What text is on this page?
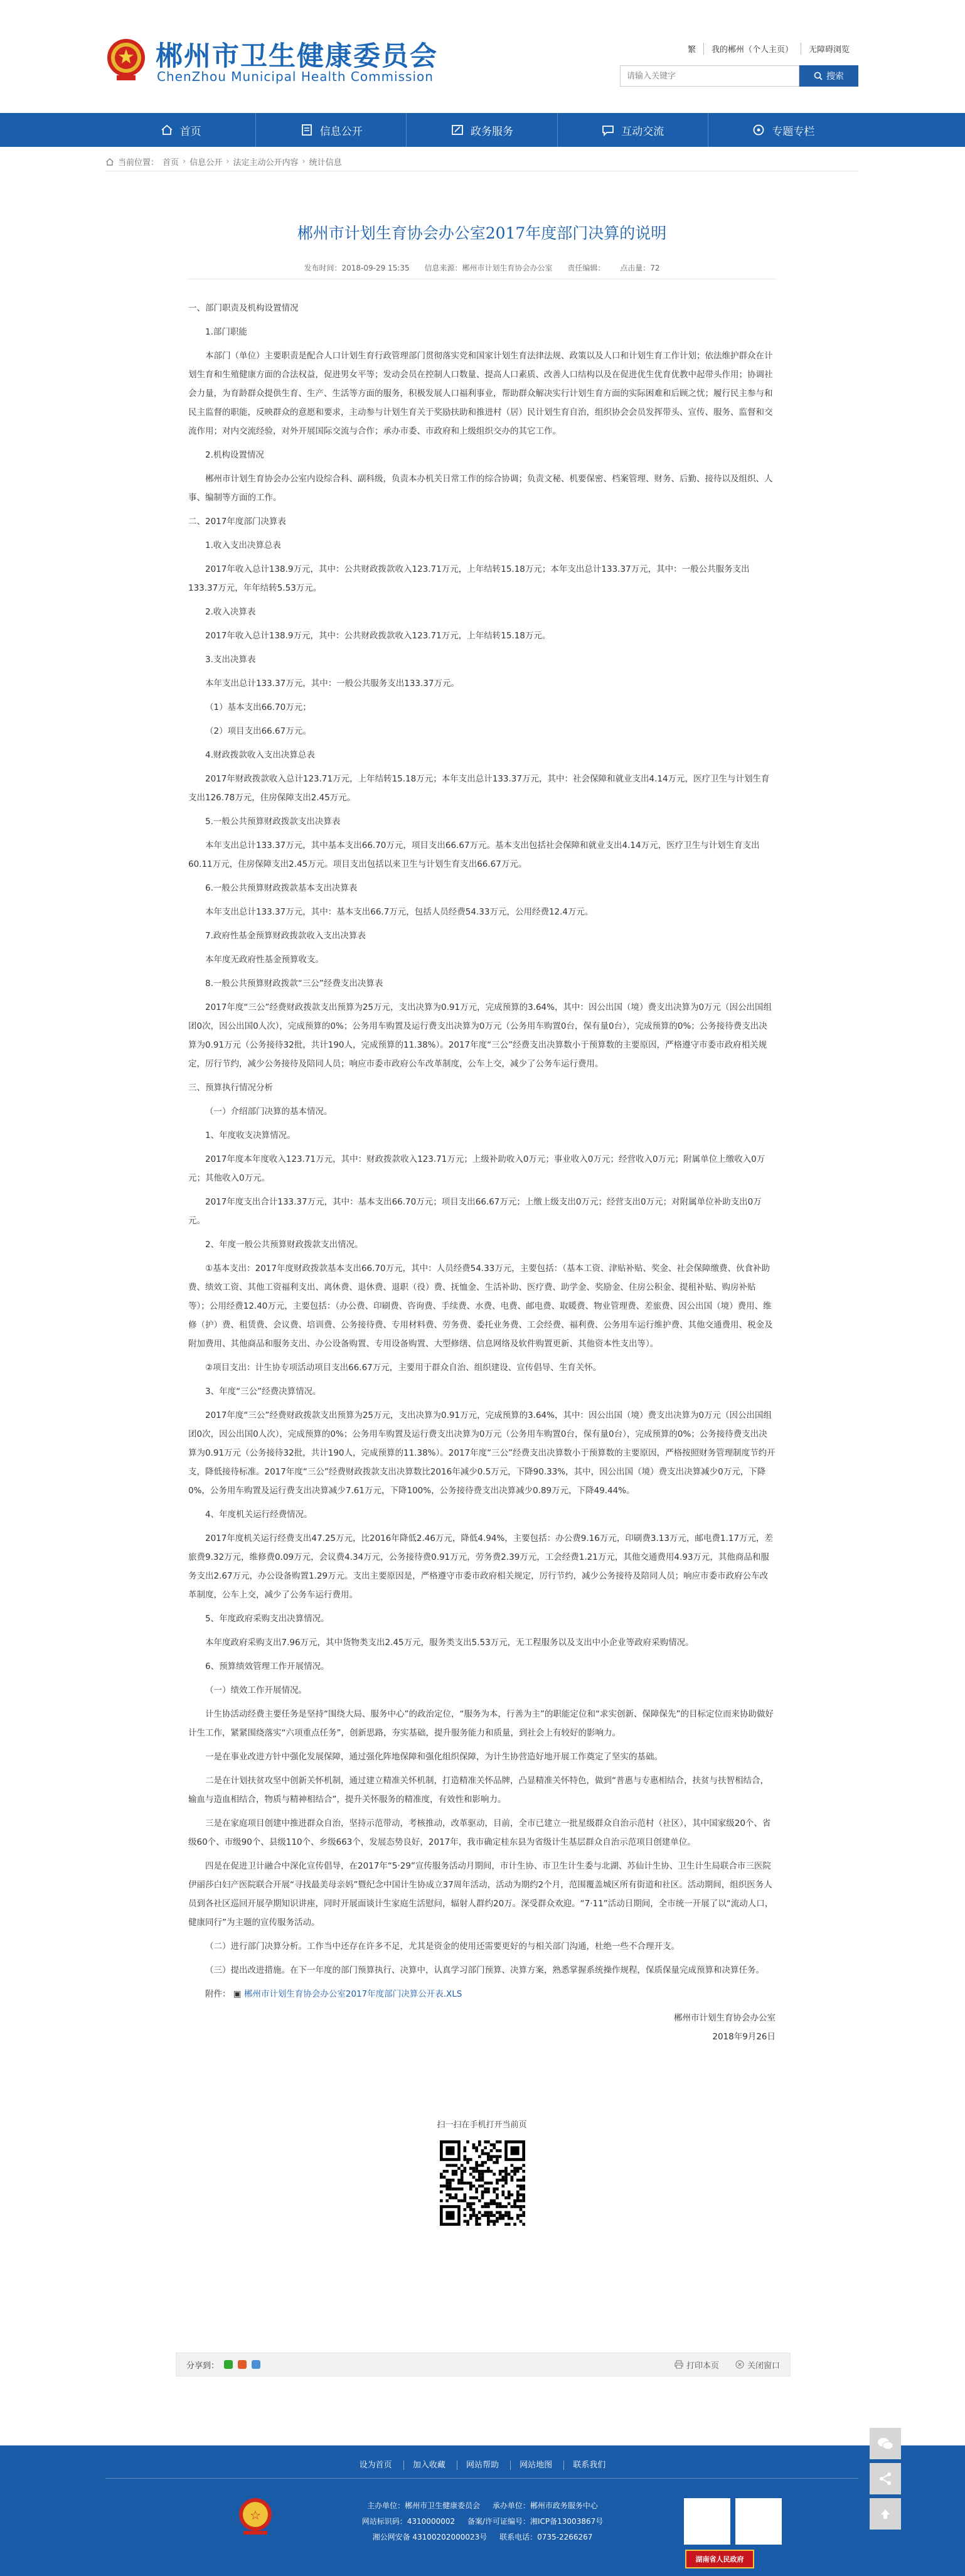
郴州市卫生健康委员会
ChenZhou Municipal Health Commission
繁	我的郴州（个人主页）	无障碍浏览
请输入关键字
搜索
首页	信息公开	政务服务	互动交流	专题专栏
当前位置： 首页 › 信息公开 › 法定主动公开内容 › 统计信息
郴州市计划生育协会办公室2017年度部门决算的说明
发布时间：2018-09-29 15:35 信息来源：郴州市计划生育协会办公室 责任编辑： 点击量：72

一、部门职责及机构设置情况

1.部门职能

本部门（单位）主要职责是配合人口计划生育行政管理部门贯彻落实党和国家计划生育法律法规、政策以及人口和计划生育工作计划；依法维护群众在计划生育和生殖健康方面的合法权益，促进男女平等；发动会员在控制人口数量、提高人口素质、改善人口结构以及在促进优生优育优教中起带头作用；协调社会力量，为育龄群众提供生育、生产、生活等方面的服务，积极发展人口福利事业，帮助群众解决实行计划生育方面的实际困难和后顾之忧；履行民主参与和民主监督的职能，反映群众的意愿和要求，主动参与计划生育关于奖励扶助和推进村（居）民计划生育自治，组织协会会员发挥带头、宣传、服务、监督和交流作用；对内交流经验，对外开展国际交流与合作；承办市委、市政府和上级组织交办的其它工作。

2.机构设置情况

郴州市计划生育协会办公室内设综合科、副科级，负责本办机关日常工作的综合协调；负责文秘、机要保密、档案管理、财务、后勤、接待以及组织、人事、编制等方面的工作。

二、2017年度部门决算表

1.收入支出决算总表

2017年收入总计138.9万元，其中：公共财政拨款收入123.71万元，上年结转15.18万元；本年支出总计133.37万元，其中：一般公共服务支出133.37万元，年年结转5.53万元。

2.收入决算表

2017年收入总计138.9万元，其中：公共财政拨款收入123.71万元，上年结转15.18万元。

3.支出决算表

本年支出总计133.37万元，其中：一般公共服务支出133.37万元。

（1）基本支出66.70万元；

（2）项目支出66.67万元。

4.财政拨款收入支出决算总表

2017年财政拨款收入总计123.71万元，上年结转15.18万元；本年支出总计133.37万元，其中：社会保障和就业支出4.14万元，医疗卫生与计划生育支出126.78万元，住房保障支出2.45万元。

5.一般公共预算财政拨款支出决算表

本年支出总计133.37万元，其中基本支出66.70万元，项目支出66.67万元。基本支出包括社会保障和就业支出4.14万元，医疗卫生与计划生育支出60.11万元，住房保障支出2.45万元。项目支出包括以来卫生与计划生育支出66.67万元。

6.一般公共预算财政拨款基本支出决算表

本年支出总计133.37万元，其中：基本支出66.7万元，包括人员经费54.33万元，公用经费12.4万元。

7.政府性基金预算财政拨款收入支出决算表

本年度无政府性基金预算收支。

8.一般公共预算财政拨款“三公”经费支出决算表

2017年度“三公”经费财政拨款支出预算为25万元，支出决算为0.91万元，完成预算的3.64%，其中：因公出国（境）费支出决算为0万元（因公出国组团0次，因公出国0人次），完成预算的0%；公务用车购置及运行费支出决算为0万元（公务用车购置0台，保有量0台），完成预算的0%；公务接待费支出决算为0.91万元（公务接待32批，共计190人，完成预算的11.38%）。2017年度“三公”经费支出决算数小于预算数的主要原因，严格遵守市委市政府相关规定，厉行节约，减少公务接待及陪同人员；响应市委市政府公车改革制度，公车上交，减少了公务车运行费用。

三、预算执行情况分析

（一）介绍部门决算的基本情况。

1、年度收支决算情况。

2017年度本年度收入123.71万元，其中：财政拨款收入123.71万元；上级补助收入0万元；事业收入0万元；经营收入0万元；附属单位上缴收入0万元；其他收入0万元。

2017年度支出合计133.37万元，其中：基本支出66.70万元；项目支出66.67万元；上缴上级支出0万元；经营支出0万元；对附属单位补助支出0万元。

2、年度一般公共预算财政拨款支出情况。

①基本支出：2017年度财政拨款基本支出66.70万元，其中：人员经费54.33万元，主要包括：（基本工资、津贴补贴、奖金、社会保障缴费、伙食补助费、绩效工资、其他工资福利支出、离休费、退休费、退职（役）费、抚恤金、生活补助、医疗费、助学金、奖励金、住房公积金、提租补贴、购房补贴等）；公用经费12.40万元，主要包括：（办公费、印刷费、咨询费、手续费、水费、电费、邮电费、取暖费、物业管理费、差旅费、因公出国（境）费用、维修（护）费、租赁费、会议费、培训费、公务接待费、专用材料费、劳务费、委托业务费、工会经费、福利费、公务用车运行维护费、其他交通费用、税金及附加费用、其他商品和服务支出、办公设备购置、专用设备购置、大型修缮、信息网络及软件购置更新、其他资本性支出等）。

②项目支出：计生协专项活动项目支出66.67万元，主要用于群众自治、组织建设、宣传倡导、生育关怀。

3、年度“三公”经费决算情况。

2017年度“三公”经费财政拨款支出预算为25万元，支出决算为0.91万元，完成预算的3.64%，其中：因公出国（境）费支出决算为0万元（因公出国组团0次，因公出国0人次），完成预算的0%；公务用车购置及运行费支出决算为0万元（公务用车购置0台，保有量0台），完成预算的0%；公务接待费支出决算为0.91万元（公务接待32批，共计190人，完成预算的11.38%）。2017年度“三公”经费支出决算数小于预算数的主要原因，严格按照财务管理制度节约开支，降低接待标准。2017年度“三公”经费财政拨款支出决算数比2016年减少0.5万元，下降90.33%，其中，因公出国（境）费支出决算减少0万元，下降0%，公务用车购置及运行费支出决算减少7.61万元，下降100%，公务接待费支出决算减少0.89万元，下降49.44%。

4、年度机关运行经费情况。

2017年度机关运行经费支出47.25万元，比2016年降低2.46万元，降低4.94%，主要包括：办公费9.16万元，印刷费3.13万元，邮电费1.17万元，差旅费9.32万元，维修费0.09万元，会议费4.34万元，公务接待费0.91万元，劳务费2.39万元，工会经费1.21万元，其他交通费用4.93万元，其他商品和服务支出2.67万元，办公设备购置1.29万元。支出主要原因是，严格遵守市委市政府相关规定，厉行节约，减少公务接待及陪同人员；响应市委市政府公车改革制度，公车上交，减少了公务车运行费用。

5、年度政府采购支出决算情况。

本年度政府采购支出7.96万元，其中货物类支出2.45万元，服务类支出5.53万元，无工程服务以及支出中小企业等政府采购情况。

6、预算绩效管理工作开展情况。

（一）绩效工作开展情况。

计生协活动经费主要任务是坚持“围绕大局、服务中心”的政治定位，“服务为本，行善为主”的职能定位和“求实创新、保障保先”的目标定位而来协助做好计生工作，紧紧围绕落实“六项重点任务”，创新思路，夯实基础，提升服务能力和质量，到社会上有较好的影响力。

一是在事业改进方针中强化发展保障，通过强化阵地保障和强化组织保障，为计生协营造好地开展工作奠定了坚实的基础。

二是在计划扶贫攻坚中创新关怀机制，通过建立精准关怀机制，打造精准关怀品牌，凸显精准关怀特色，做到“普惠与专惠相结合，扶贫与扶智相结合，输血与造血相结合，物质与精神相结合”，提升关怀服务的精准度，有效性和影响力。

三是在家庭项目创建中推进群众自治，坚持示范带动，考核推动，改革驱动，目前，全市已建立一批星级群众自治示范村（社区），其中国家级20个、省级60个、市级90个、县级110个、乡级663个，发展态势良好，2017年，我市确定桂东县为省级计生基层群众自治示范项目创建单位。

四是在促进卫计融合中深化宣传倡导，在2017年“5·29”宣传服务活动月期间，市计生协、市卫生计生委与北湖、苏仙计生协、卫生计生局联合市三医院伊丽莎白妇产医院联合开展“寻找最美母亲妈”暨纪念中国计生协成立37周年活动，活动为期约2个月，范围覆盖城区所有街道和社区。活动期间，组织医务人员到各社区巡回开展孕期知识讲座，同时开展面谈计生家庭生活慰问，辐射人群约20万。深受群众欢迎。“7·11”活动日期间，全市统一开展了以“流动人口，健康同行”为主题的宣传服务活动。

（二）进行部门决算分析。工作当中还存在许多不足，尤其是资金的使用还需要更好的与相关部门沟通，杜绝一些不合理开支。

（三）提出改进措施。在下一年度的部门预算执行、决算中，认真学习部门预算、决算方案，熟悉掌握系统操作规程，保质保量完成预算和决算任务。

附件： ▣ 郴州市计划生育协会办公室2017年度部门决算公开表.XLS

郴州市计划生育协会办公室

2018年9月26日

扫一扫在手机打开当前页
分享到：	打印本页	关闭窗口
设为首页	加入收藏	网站帮助	网站地图	联系我们
☆
主办单位：郴州市卫生健康委员会 承办单位：郴州市政务服务中心
网站标识码：4310000002 备案/许可证编号：湘ICP备13003867号
湘公网安备 43100202000023号 联系电话：0735-2266267
湖南省人民政府
